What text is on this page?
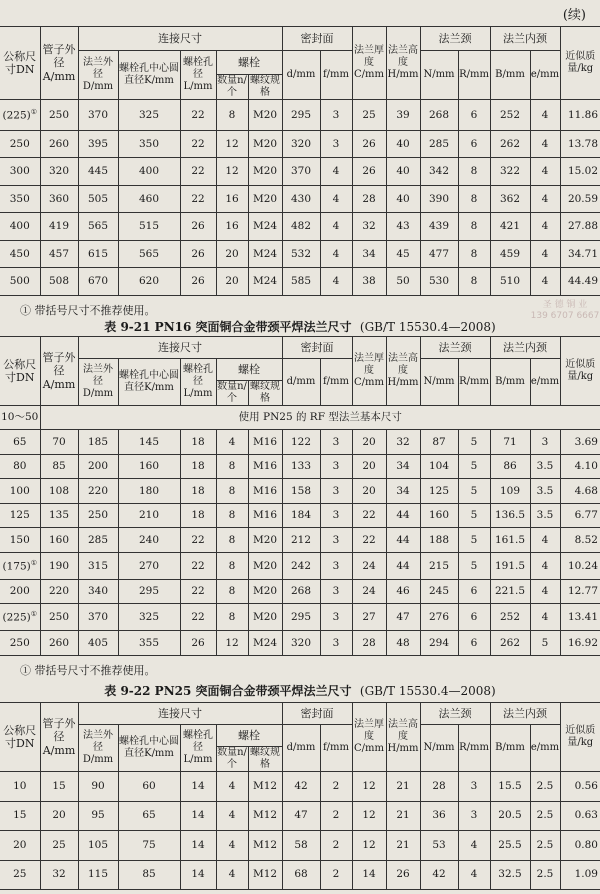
(续)
公称尺寸DN	管子外径A/mm	连接尺寸					密封面		法兰厚度C/mm	法兰高度H/mm	法兰颈		法兰内颈		近似质量/kg
		法兰外径D/mm	螺栓孔中心圆直径K/mm	螺栓孔径L/mm	螺栓		d/mm	f/mm			N/mm	R/mm	B/mm	e/mm	
					数量n/个	螺纹规格									
(225)①	250	370	325	22	8	M20	295	3	25	39	268	6	252	4	11.86
250	260	395	350	22	12	M20	320	3	26	40	285	6	262	4	13.78
300	320	445	400	22	12	M20	370	4	26	40	342	8	322	4	15.02
350	360	505	460	22	16	M20	430	4	28	40	390	8	362	4	20.59
400	419	565	515	26	16	M24	482	4	32	43	439	8	421	4	27.88
450	457	615	565	26	20	M24	532	4	34	45	477	8	459	4	34.71
500	508	670	620	26	20	M24	585	4	38	50	530	8	510	4	44.49
① 带括号尺寸不推荐使用。	圣 德 铜 业
139 6707 6667
表 9-21 PN16 突面铜合金带颈平焊法兰尺寸 (GB/T 15530.4—2008)
公称尺寸DN	管子外径A/mm	连接尺寸					密封面		法兰厚度C/mm	法兰高度H/mm	法兰颈		法兰内颈		近似质量/kg
		法兰外径D/mm	螺栓孔中心圆直径K/mm	螺栓孔径L/mm	螺栓		d/mm	f/mm			N/mm	R/mm	B/mm	e/mm	
					数量n/个	螺纹规格									
10～50	使用 PN25 的 RF 型法兰基本尺寸														
65	70	185	145	18	4	M16	122	3	20	32	87	5	71	3	3.69
80	85	200	160	18	8	M16	133	3	20	34	104	5	86	3.5	4.10
100	108	220	180	18	8	M16	158	3	20	34	125	5	109	3.5	4.68
125	135	250	210	18	8	M16	184	3	22	44	160	5	136.5	3.5	6.77
150	160	285	240	22	8	M20	212	3	22	44	188	5	161.5	4	8.52
(175)①	190	315	270	22	8	M20	242	3	24	44	215	5	191.5	4	10.24
200	220	340	295	22	8	M20	268	3	24	46	245	6	221.5	4	12.77
(225)①	250	370	325	22	8	M20	295	3	27	47	276	6	252	4	13.41
250	260	405	355	26	12	M24	320	3	28	48	294	6	262	5	16.92
① 带括号尺寸不推荐使用。
表 9-22 PN25 突面铜合金带颈平焊法兰尺寸 (GB/T 15530.4—2008)
公称尺寸DN	管子外径A/mm	连接尺寸					密封面		法兰厚度C/mm	法兰高度H/mm	法兰颈		法兰内颈		近似质量/kg
		法兰外径D/mm	螺栓孔中心圆直径K/mm	螺栓孔径L/mm	螺栓		d/mm	f/mm			N/mm	R/mm	B/mm	e/mm	
					数量n/个	螺纹规格									
10	15	90	60	14	4	M12	42	2	12	21	28	3	15.5	2.5	0.56
15	20	95	65	14	4	M12	47	2	12	21	36	3	20.5	2.5	0.63
20	25	105	75	14	4	M12	58	2	12	21	53	4	25.5	2.5	0.80
25	32	115	85	14	4	M12	68	2	14	26	42	4	32.5	2.5	1.09
